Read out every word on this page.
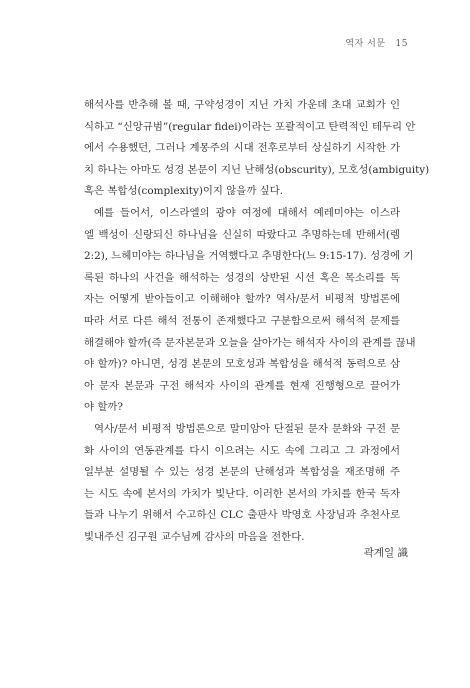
역자 서문 15

해석사를 반추해 볼 때, 구약성경이 지닌 가치 가운데 초대 교회가 인
식하고 “신앙규범”(regular fidei)이라는 포괄적이고 탄력적인 테두리 안
에서 수용했던, 그러나 계몽주의 시대 전후로부터 상실하기 시작한 가
치 하나는 아마도 성경 본문이 지닌 난해성(obscurity), 모호성(ambiguity)
혹은 복합성(complexity)이지 않을까 싶다.

예를 들어서, 이스라엘의 광야 여정에 대해서 예레미야는 이스라
엘 백성이 신랑되신 하나님을 신실히 따랐다고 추명하는데 반해서(렘
2:2), 느헤미야는 하나님을 거역했다고 추명한다(느 9:15-17). 성경에 기
록된 하나의 사건을 해석하는 성경의 상반된 시선 혹은 목소리를 독
자는 어떻게 받아들이고 이해해야 할까? 역사/문서 비평적 방법론에
따라 서로 다른 해석 전통이 존재했다고 구분함으로써 해석적 문제를
해결해야 할까(즉 문자본문과 오늘을 살아가는 해석자 사이의 관계를 끊내
야 할까)? 아니면, 성경 본문의 모호성과 복합성을 해석적 동력으로 삼
아 문자 본문과 구전 해석자 사이의 관계를 현재 진행형으로 끌어가
야 할까?

역사/문서 비평적 방법론으로 말미암아 단절된 문자 문화와 구전 문
화 사이의 연동관계를 다시 이으려는 시도 속에 그리고 그 과정에서
일부분 설명될 수 있는 성경 본문의 난해성과 복합성을 재조명해 주
는 시도 속에 본서의 가치가 빛난다. 이러한 본서의 가치를 한국 독자
들과 나누기 위해서 수고하신 CLC 출판사 박영호 사장님과 추천사로
빛내주신 김구원 교수님께 감사의 마음을 전한다.

곽계일 識
